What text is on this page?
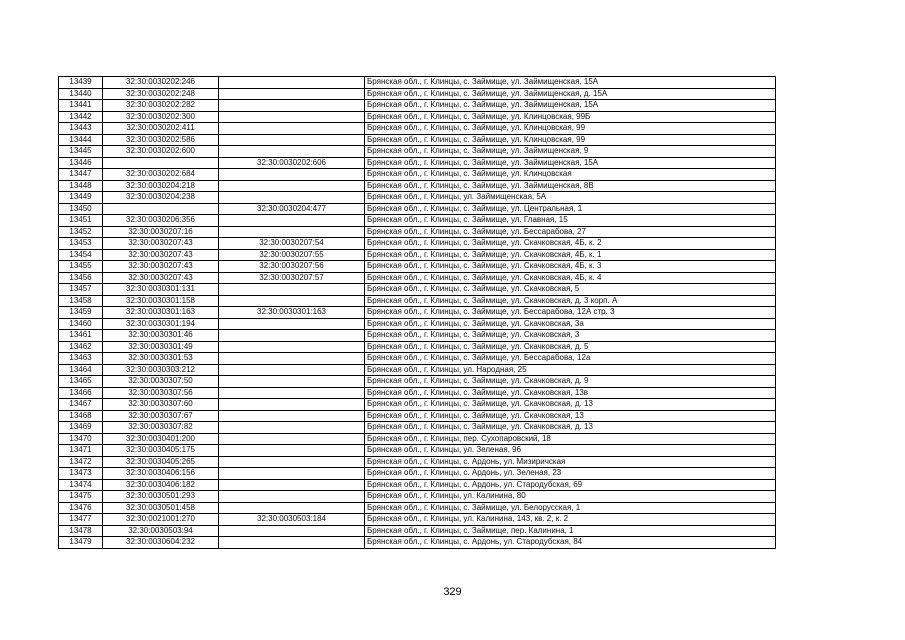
13439	32:30:0030202:246		Брянская обл., г. Клинцы, с. Займище, ул. Займищенская, 15А
13440	32:30:0030202:248		Брянская обл., г. Клинцы, с. Займище, ул. Займищенская, д. 15А
13441	32:30:0030202:282		Брянская обл., г. Клинцы, с. Займище, ул. Займищенская, 15А
13442	32:30:0030202:300		Брянская обл., г. Клинцы, с. Займище, ул. Клинцовская, 99Б
13443	32:30:0030202:411		Брянская обл., г. Клинцы, с. Займище, ул. Клинцовская, 99
13444	32:30:0030202:586		Брянская обл., г. Клинцы, с. Займище, ул. Клинцовская, 99
13445	32:30:0030202:600		Брянская обл., г. Клинцы, с. Займище, ул. Займищенская, 9
13446		32:30:0030202:606	Брянская обл., г. Клинцы, с. Займище, ул. Займищенская, 15А
13447	32:30:0030202:684		Брянская обл., г. Клинцы, с. Займище, ул. Клинцовская
13448	32:30:0030204:218		Брянская обл., г. Клинцы, с. Займище, ул. Займищенская, 8В
13449	32:30:0030204:238		Брянская обл., г. Клинцы, ул. Займищенская, 5А
13450		32:30:0030204:477	Брянская обл., г. Клинцы, с. Займище, ул. Центральная, 1
13451	32:30:0030206:356		Брянская обл., г. Клинцы, с. Займище, ул. Главная, 15
13452	32:30:0030207:16		Брянская обл., г. Клинцы, с. Займище, ул. Бессарабова, 27
13453	32:30:0030207:43	32:30:0030207:54	Брянская обл., г. Клинцы, с. Займище, ул. Скачковская, 4Б, к. 2
13454	32:30:0030207:43	32:30:0030207:55	Брянская обл., г. Клинцы, с. Займище, ул. Скачковская, 4Б, к. 1
13455	32:30:0030207:43	32:30:0030207:56	Брянская обл., г. Клинцы, с. Займище, ул. Скачковская, 4Б, к. 3
13456	32:30:0030207:43	32:30:0030207:57	Брянская обл., г. Клинцы, с. Займище, ул. Скачковская, 4Б, к. 4
13457	32:30:0030301:131		Брянская обл., г. Клинцы, с. Займище, ул. Скачковская, 5
13458	32:30:0030301:158		Брянская обл., г. Клинцы, с. Займище, ул. Скачковская, д. 3 корп. А
13459	32:30:0030301:163	32:30:0030301:163	Брянская обл., г. Клинцы, с. Займище, ул. Бессарабова, 12А стр. 3
13460	32:30:0030301:194		Брянская обл., г. Клинцы, с. Займище, ул. Скачковская, 3а
13461	32:30:0030301:46		Брянская обл., г. Клинцы, с. Займище, ул. Скачковская, 3
13462	32:30:0030301:49		Брянская обл., г. Клинцы, с. Займище, ул. Скачковская, д. 5
13463	32:30:0030301:53		Брянская обл., г. Клинцы, с. Займище, ул. Бессарабова, 12а
13464	32:30:0030303:212		Брянская обл., г. Клинцы, ул. Народная, 25
13465	32:30:0030307:50		Брянская обл., г. Клинцы, с. Займище, ул. Скачковская, д. 9
13466	32:30:0030307:56		Брянская обл., г. Клинцы, с. Займище, ул. Скачковская, 13в
13467	32:30:0030307:60		Брянская обл., г. Клинцы, с. Займище, ул. Скачковская, д. 13
13468	32:30:0030307:67		Брянская обл., г. Клинцы, с. Займище, ул. Скачковская, 13
13469	32:30:0030307:82		Брянская обл., г. Клинцы, с. Займище, ул. Скачковская, д. 13
13470	32:30:0030401:200		Брянская обл., г. Клинцы, пер. Сухопаровский, 18
13471	32:30:0030405:175		Брянская обл., г. Клинцы, ул. Зеленая, 96
13472	32:30:0030405:265		Брянская обл., г. Клинцы, с. Ардонь, ул. Мизиричская
13473	32:30:0030406:156		Брянская обл., г. Клинцы, с. Ардонь, ул. Зеленая, 23
13474	32:30:0030406:182		Брянская обл., г. Клинцы, с. Ардонь, ул. Стародубская, 69
13475	32:30:0030501:293		Брянская обл., г. Клинцы, ул. Калинина, 80
13476	32:30:0030501:458		Брянская обл., г. Клинцы, с. Займище, ул. Белорусская, 1
13477	32:30:0021001:270	32:30:0030503:184	Брянская обл., г. Клинцы, ул. Калинина, 143, кв. 2, к. 2
13478	32:30:0030503:94		Брянская обл., г. Клинцы, с. Займище, пер. Калинина, 1
13479	32:30:0030604:232		Брянская обл., г. Клинцы, с. Ардонь, ул. Стародубская, 84
329
